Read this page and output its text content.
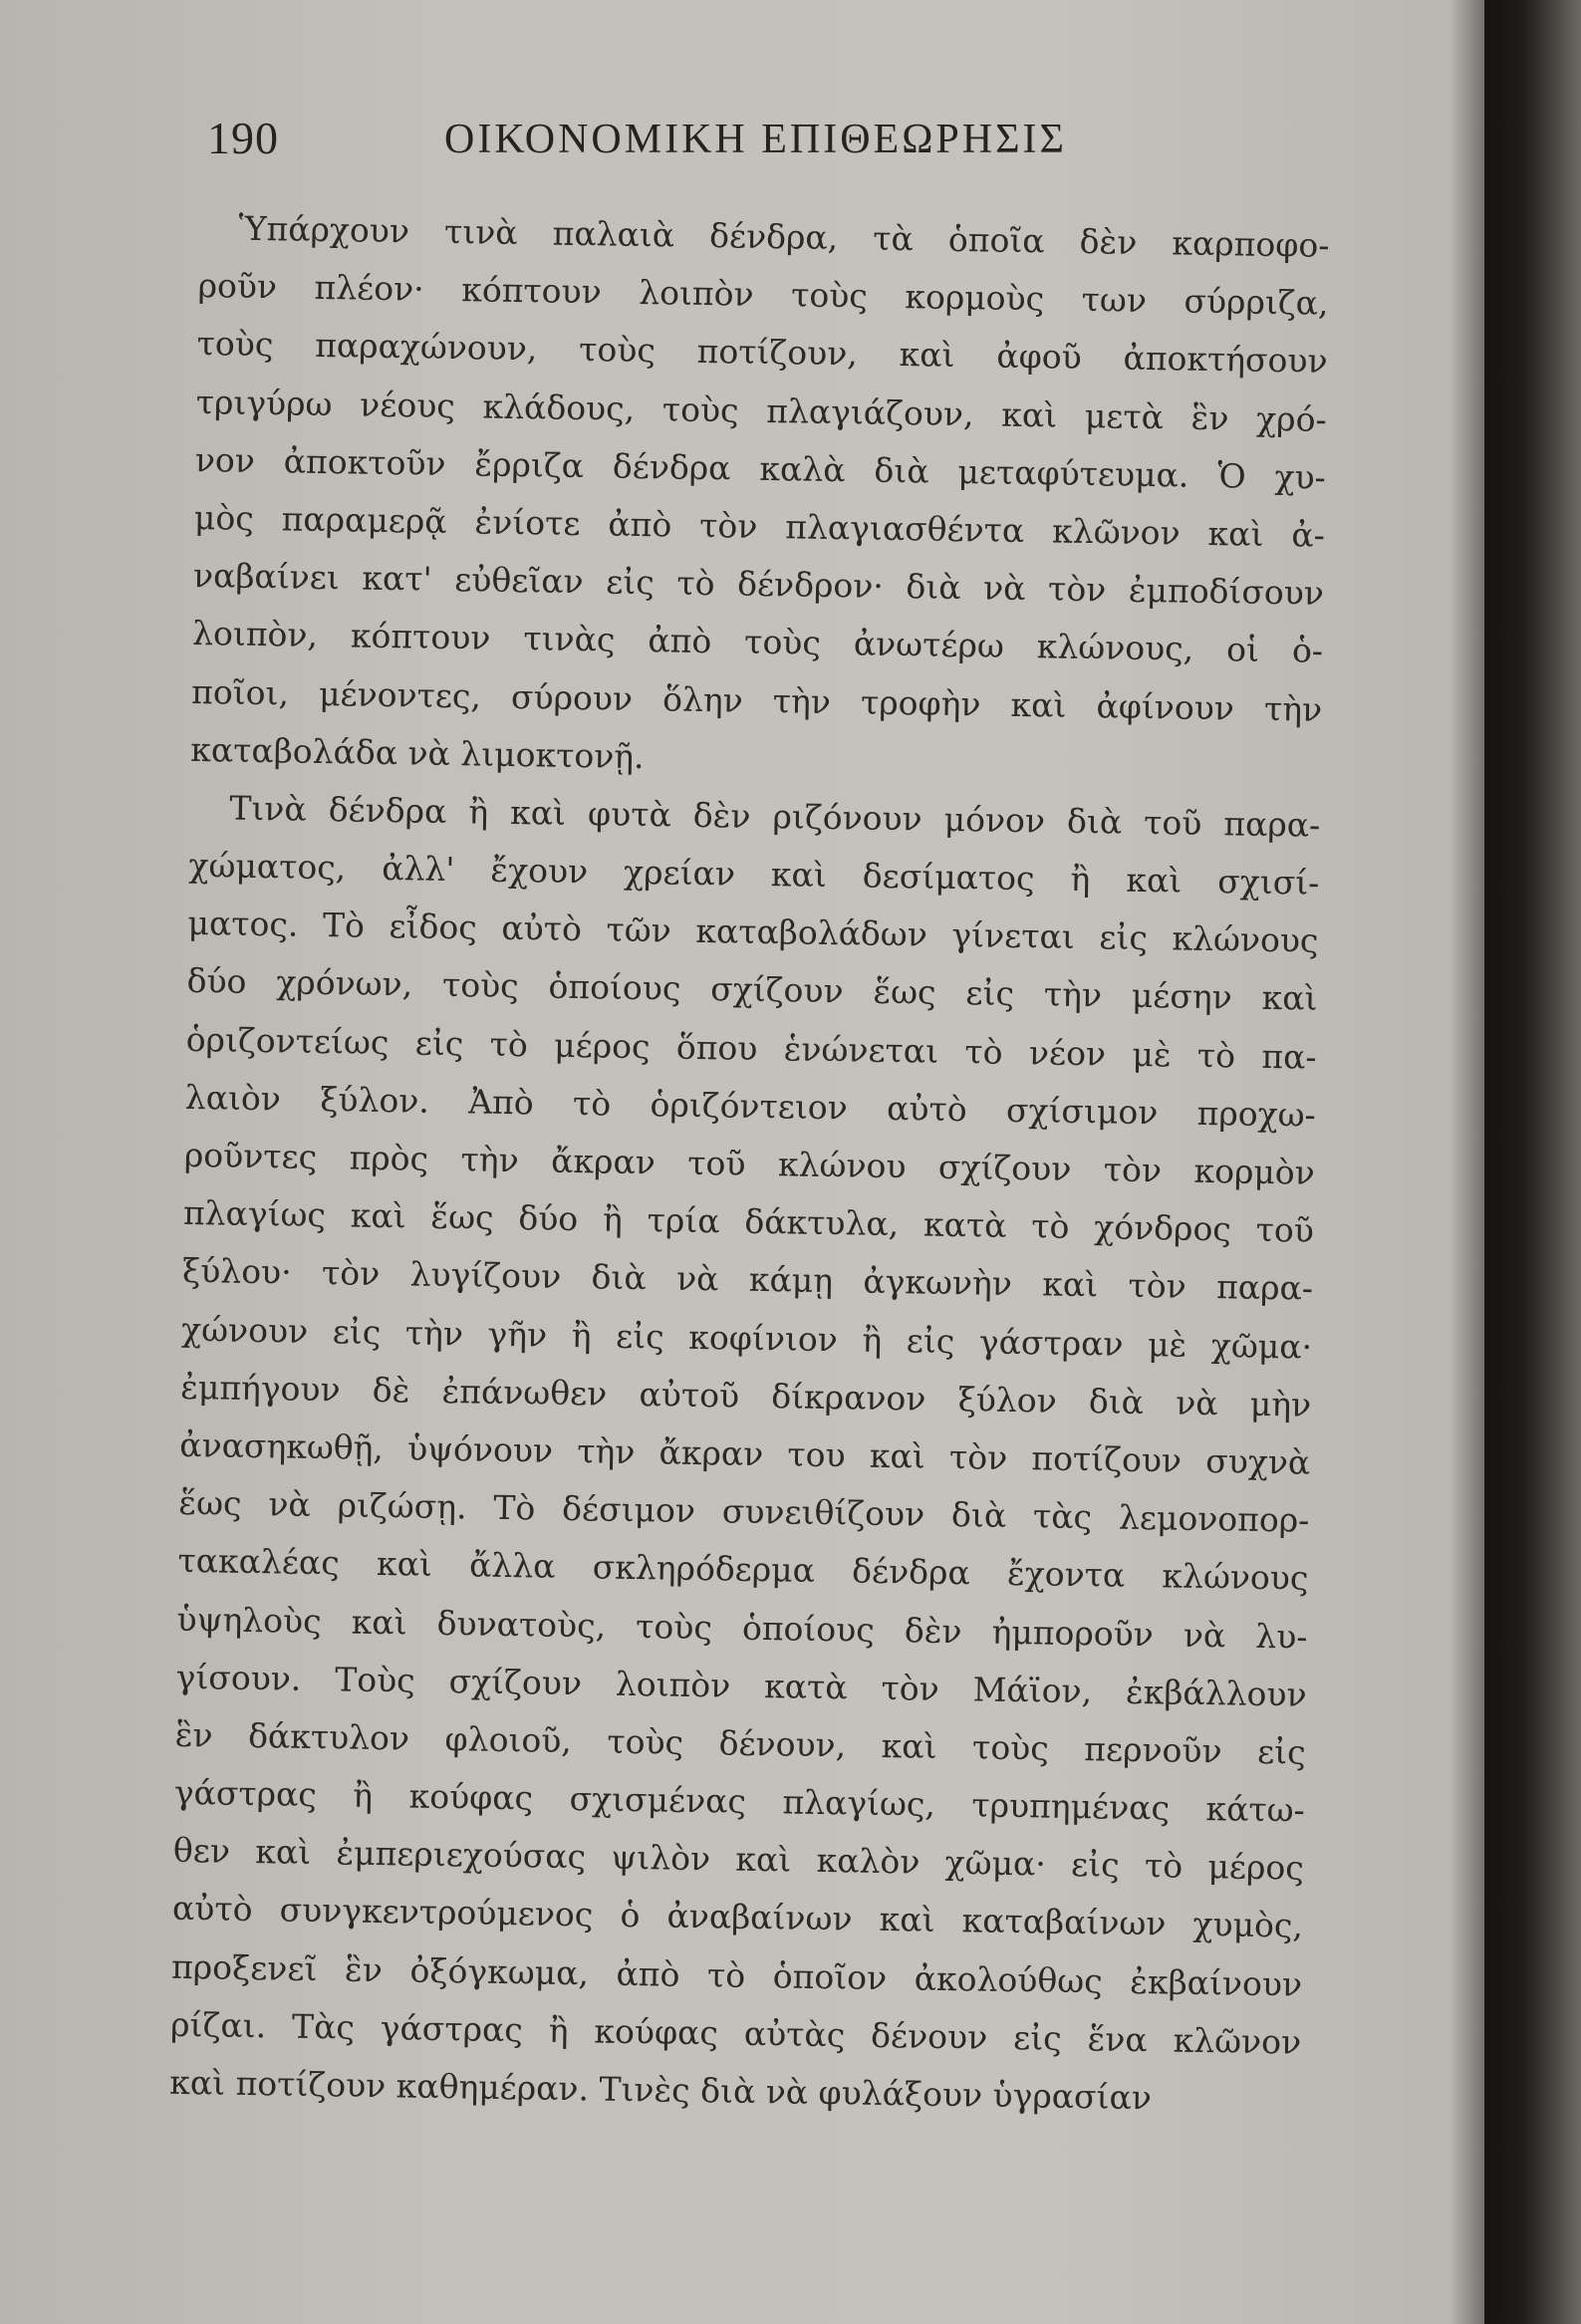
190	ΟΙΚΟΝΟΜΙΚΗ ΕΠΙΘΕΩΡΗΣΙΣ
Ὑπάρχουν τινὰ παλαιὰ δένδρα, τὰ ὁποῖα δὲν καρποφο-
ροῦν πλέον· κόπτουν λοιπὸν τοὺς κορμοὺς των σύρριζα,
τοὺς παραχώνουν, τοὺς ποτίζουν, καὶ ἀφοῦ ἀποκτήσουν
τριγύρω νέους κλάδους, τοὺς πλαγιάζουν, καὶ μετὰ ἓν χρό-
νον ἀποκτοῦν ἔρριζα δένδρα καλὰ διὰ μεταφύτευμα. Ὁ χυ-
μὸς παραμερᾷ ἐνίοτε ἀπὸ τὸν πλαγιασθέντα κλῶνον καὶ ἀ-
ναβαίνει κατ' εὐθεῖαν εἰς τὸ δένδρον· διὰ νὰ τὸν ἐμποδίσουν
λοιπὸν, κόπτουν τινὰς ἀπὸ τοὺς ἀνωτέρω κλώνους, οἱ ὁ-
ποῖοι, μένοντες, σύρουν ὅλην τὴν τροφὴν καὶ ἀφίνουν τὴν
καταβολάδα νὰ λιμοκτονῇ.
Τινὰ δένδρα ἢ καὶ φυτὰ δὲν ριζόνουν μόνον διὰ τοῦ παρα-
χώματος, ἀλλ' ἔχουν χρείαν καὶ δεσίματος ἢ καὶ σχισί-
ματος. Τὸ εἶδος αὐτὸ τῶν καταβολάδων γίνεται εἰς κλώνους
δύο χρόνων, τοὺς ὁποίους σχίζουν ἕως εἰς τὴν μέσην καὶ
ὁριζοντείως εἰς τὸ μέρος ὅπου ἑνώνεται τὸ νέον μὲ τὸ πα-
λαιὸν ξύλον. Ἀπὸ τὸ ὁριζόντειον αὐτὸ σχίσιμον προχω-
ροῦντες πρὸς τὴν ἄκραν τοῦ κλώνου σχίζουν τὸν κορμὸν
πλαγίως καὶ ἕως δύο ἢ τρία δάκτυλα, κατὰ τὸ χόνδρος τοῦ
ξύλου· τὸν λυγίζουν διὰ νὰ κάμῃ ἀγκωνὴν καὶ τὸν παρα-
χώνουν εἰς τὴν γῆν ἢ εἰς κοφίνιον ἢ εἰς γάστραν μὲ χῶμα·
ἐμπήγουν δὲ ἐπάνωθεν αὐτοῦ δίκρανον ξύλον διὰ νὰ μὴν
ἀνασηκωθῇ, ὑψόνουν τὴν ἄκραν του καὶ τὸν ποτίζουν συχνὰ
ἕως νὰ ριζώσῃ. Τὸ δέσιμον συνειθίζουν διὰ τὰς λεμονοπορ-
τακαλέας καὶ ἄλλα σκληρόδερμα δένδρα ἔχοντα κλώνους
ὑψηλοὺς καὶ δυνατοὺς, τοὺς ὁποίους δὲν ἠμποροῦν νὰ λυ-
γίσουν. Τοὺς σχίζουν λοιπὸν κατὰ τὸν Μάϊον, ἐκβάλλουν
ἓν δάκτυλον φλοιοῦ, τοὺς δένουν, καὶ τοὺς περνοῦν εἰς
γάστρας ἢ κούφας σχισμένας πλαγίως, τρυπημένας κάτω-
θεν καὶ ἐμπεριεχούσας ψιλὸν καὶ καλὸν χῶμα· εἰς τὸ μέρος
αὐτὸ συνγκεντρούμενος ὁ ἀναβαίνων καὶ καταβαίνων χυμὸς,
προξενεῖ ἓν ὀξόγκωμα, ἀπὸ τὸ ὁποῖον ἀκολούθως ἐκβαίνουν
ρίζαι. Τὰς γάστρας ἢ κούφας αὐτὰς δένουν εἰς ἕνα κλῶνον
καὶ ποτίζουν καθημέραν. Τινὲς διὰ νὰ φυλάξουν ὑγρασίαν
